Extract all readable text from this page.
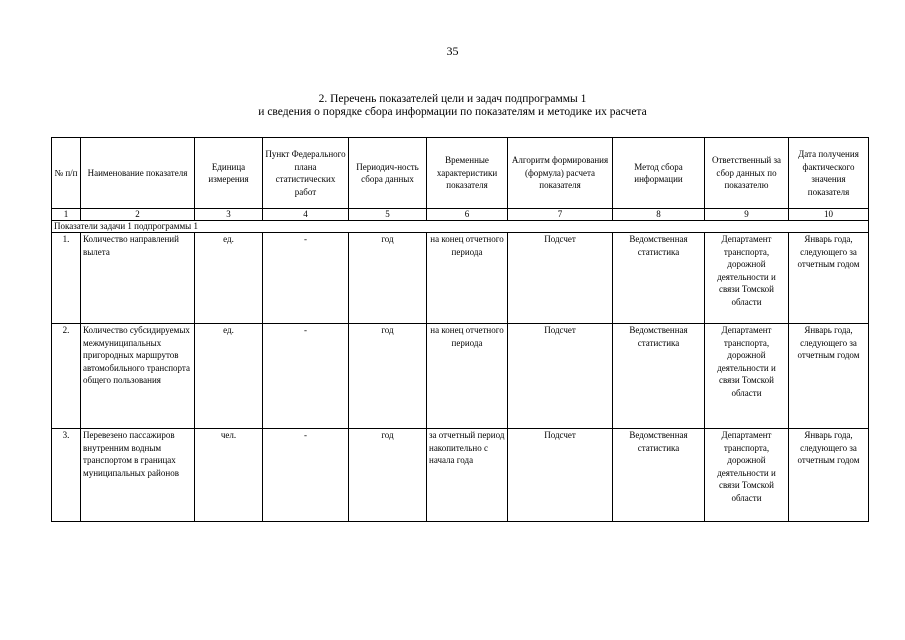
35
2. Перечень показателей цели и задач подпрограммы 1
и сведения о порядке сбора информации по показателям и методике их расчета
№ п/п	Наименование показателя	Единица измерения	Пункт Федерального плана статистических работ	Периодич-ность сбора данных	Временные характеристики показателя	Алгоритм формирования (формула) расчета показателя	Метод сбора информации	Ответственный за сбор данных по показателю	Дата получения фактического значения показателя
1	2	3	4	5	6	7	8	9	10
Показатели задачи 1 подпрограммы 1									
1.	Количество направлений вылета	ед.	-	год	на конец отчетного периода	Подсчет	Ведомственная статистика	Департамент транспорта, дорожной деятельности и связи Томской области	Январь года, следующего за отчетным годом
2.	Количество субсидируемых межмуниципальных пригородных маршрутов автомобильного транспорта общего пользования	ед.	-	год	на конец отчетного периода	Подсчет	Ведомственная статистика	Департамент транспорта, дорожной деятельности и связи Томской области	Январь года, следующего за отчетным годом
3.	Перевезено пассажиров внутренним водным транспортом в границах муниципальных районов	чел.	-	год	за отчетный период накопительно с начала года	Подсчет	Ведомственная статистика	Департамент транспорта, дорожной деятельности и связи Томской области	Январь года, следующего за отчетным годом
